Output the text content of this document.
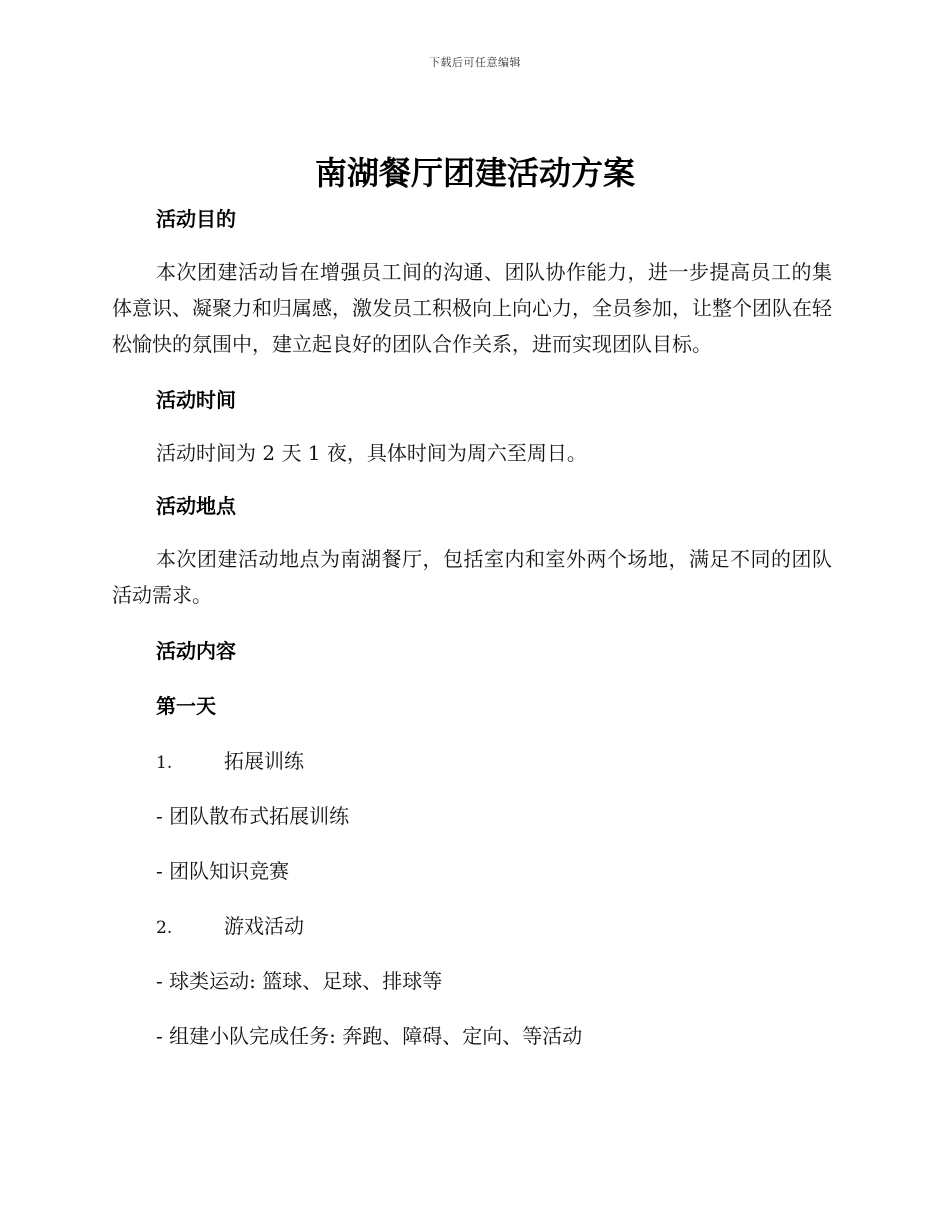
下载后可任意编辑
南湖餐厅团建活动方案
活动目的

本次团建活动旨在增强员工间的沟通、团队协作能力，进一步提高员工的集体意识、凝聚力和归属感，激发员工积极向上向心力，全员参加，让整个团队在轻松愉快的氛围中，建立起良好的团队合作关系，进而实现团队目标。

活动时间

活动时间为 2 天 1 夜，具体时间为周六至周日。

活动地点

本次团建活动地点为南湖餐厅，包括室内和室外两个场地，满足不同的团队活动需求。

活动内容
第一天
1.	拓展训练
- 团队散布式拓展训练
- 团队知识竞赛
2.	游戏活动
- 球类运动: 篮球、足球、排球等
- 组建小队完成任务: 奔跑、障碍、定向、等活动
